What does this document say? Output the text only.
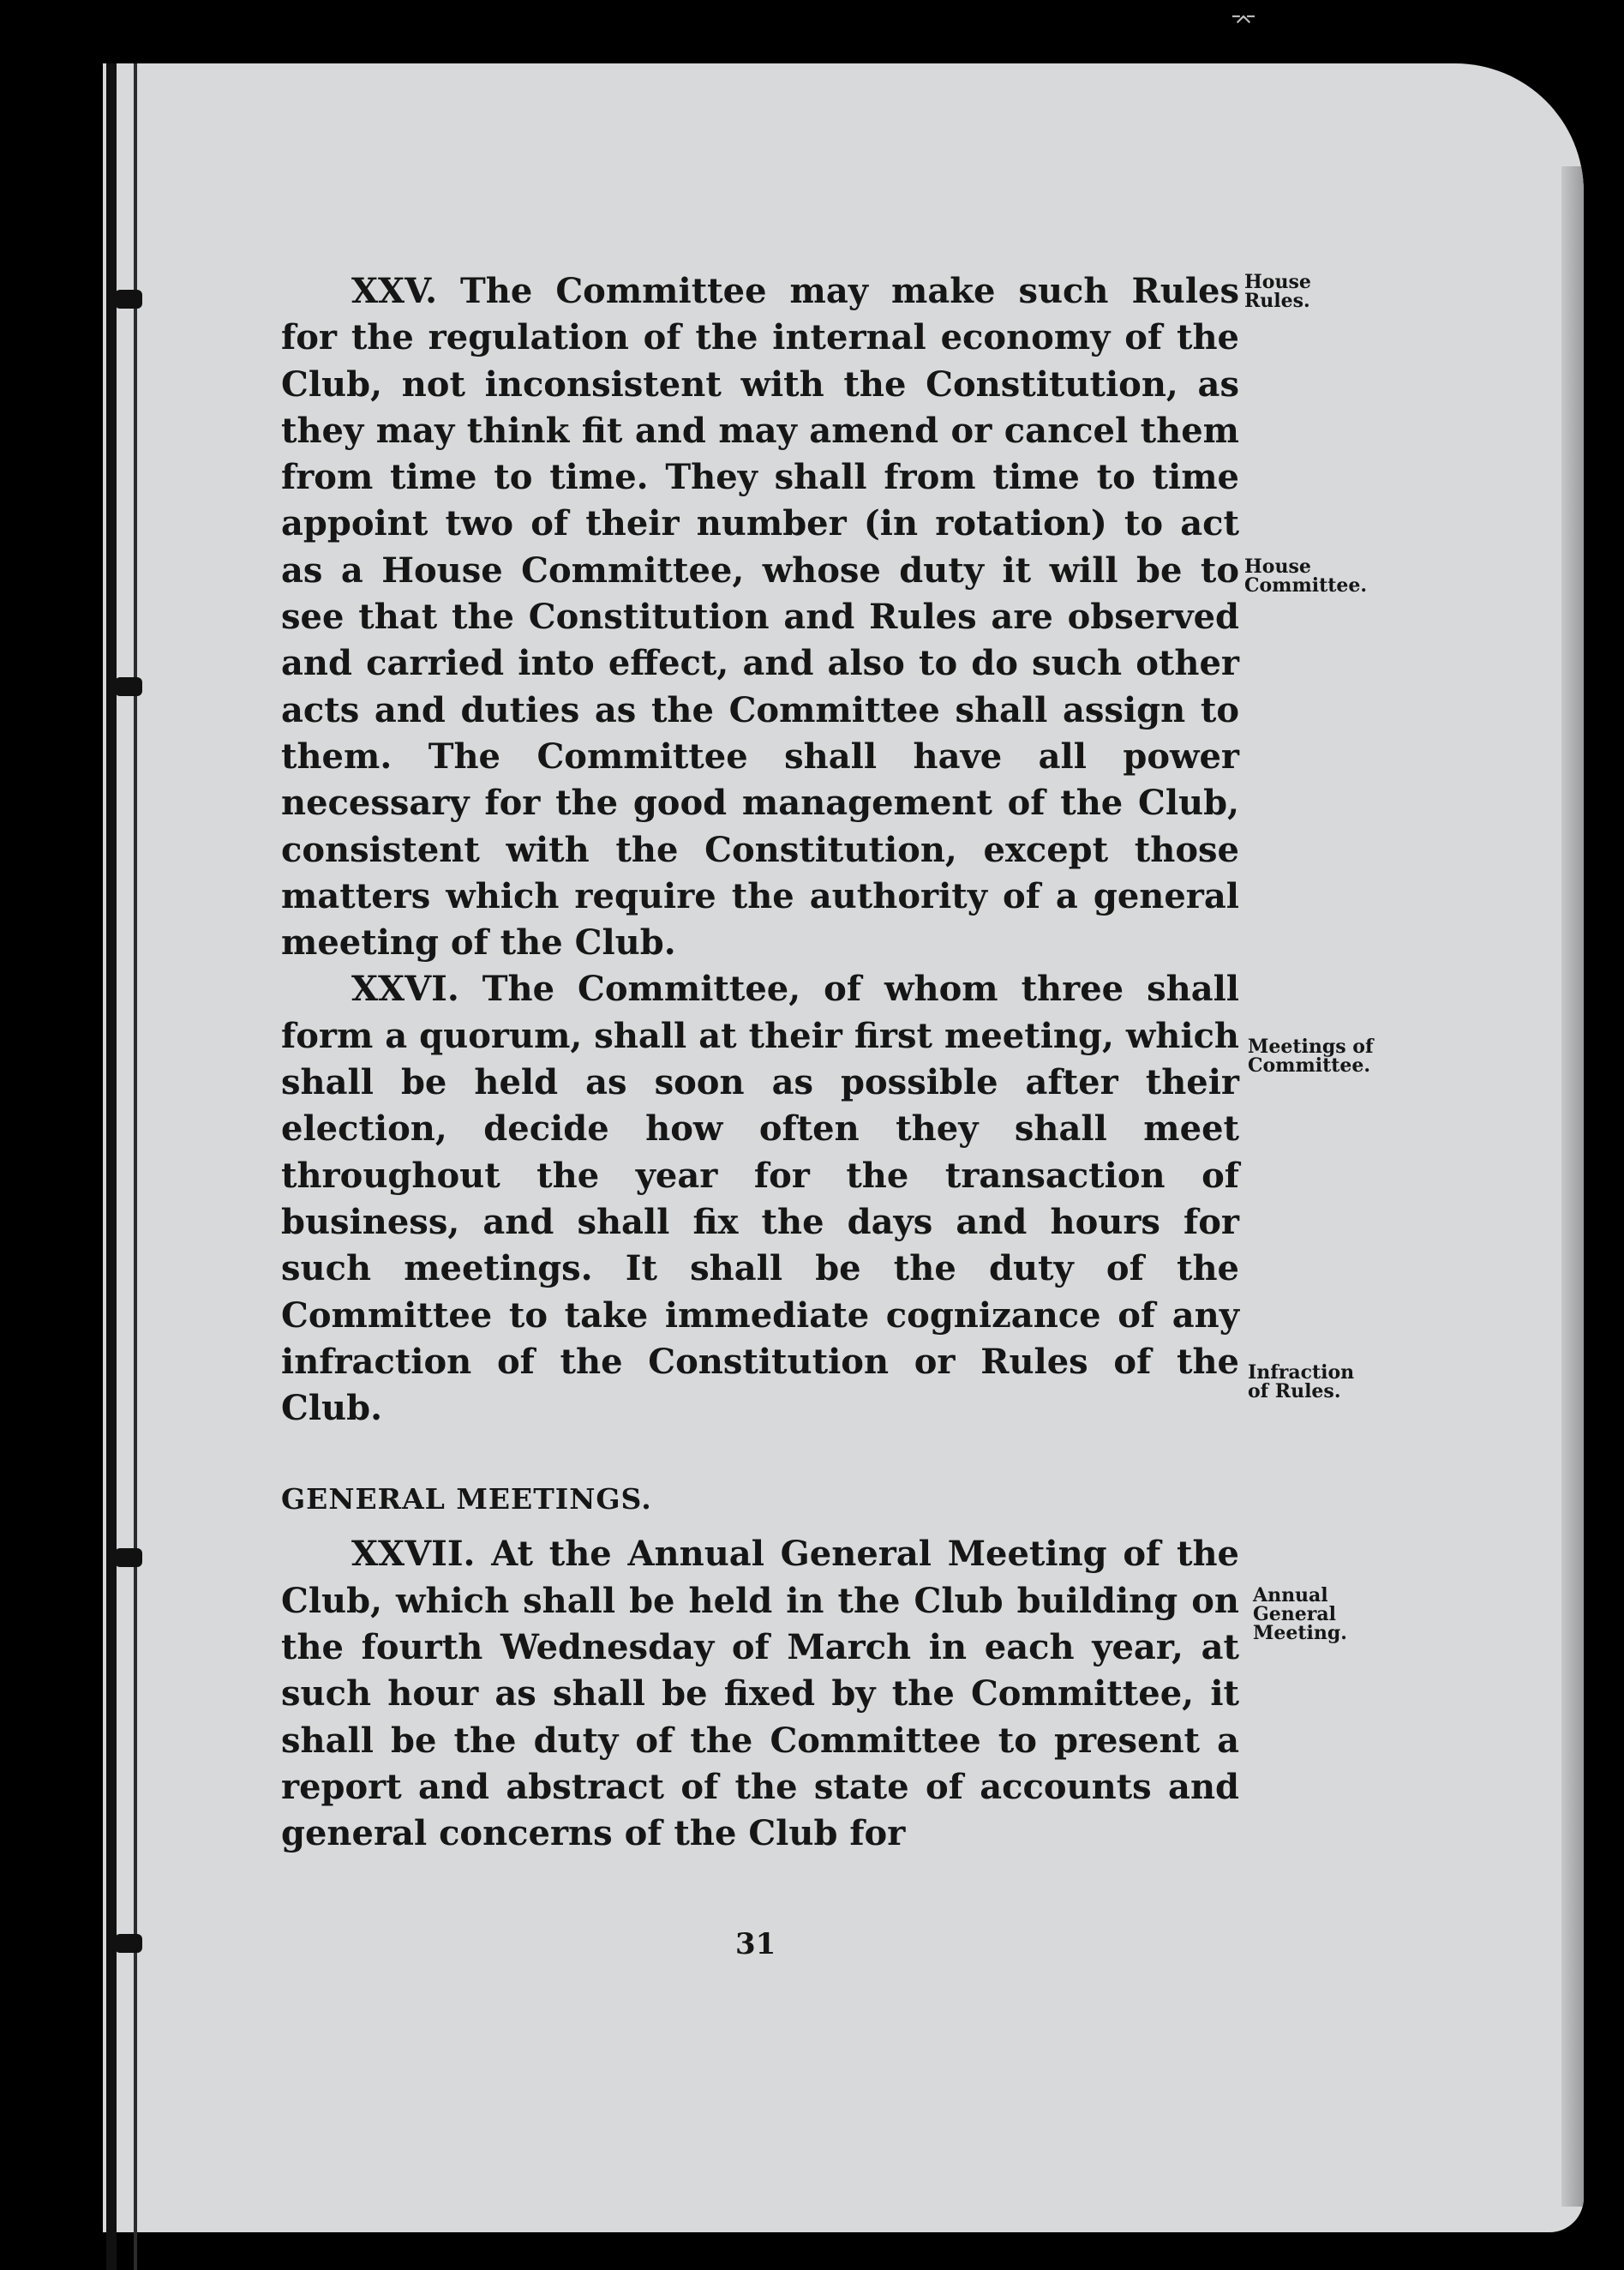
⌤

XXV. The Committee may make such Rules for the regulation of the internal economy of the Club, not inconsistent with the Constitution, as they may think fit and may amend or cancel them from time to time. They shall from time to time appoint two of their number (in rotation) to act as a House Committee, whose duty it will be to see that the Constitution and Rules are observed and carried into effect, and also to do such other acts and duties as the Committee shall assign to them. The Committee shall have all power necessary for the good management of the Club, consistent with the Constitution, except those matters which require the authority of a general meeting of the Club.

XXVI. The Committee, of whom three shall form a quorum, shall at their first meeting, which shall be held as soon as possible after their election, decide how often they shall meet throughout the year for the transaction of business, and shall fix the days and hours for such meetings. It shall be the duty of the Committee to take immediate cognizance of any infraction of the Constitution or Rules of the Club.

GENERAL MEETINGS.

XXVII. At the Annual General Meeting of the Club, which shall be held in the Club building on the fourth Wednesday of March in each year, at such hour as shall be fixed by the Committee, it shall be the duty of the Committee to present a report and abstract of the state of accounts and general concerns of the Club for

House
Rules.
House
Committee.
Meetings of
Committee.
Infraction
of Rules.
Annual
General
Meeting.
31
